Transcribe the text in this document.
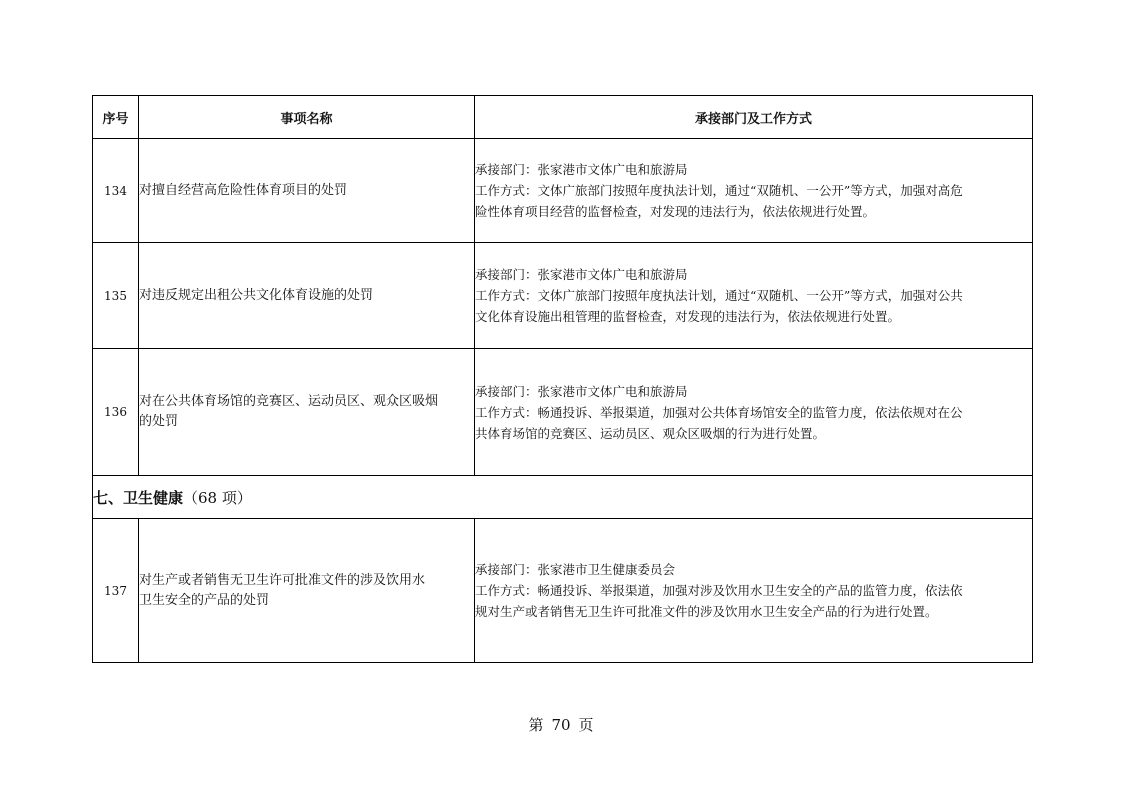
序号	事项名称	承接部门及工作方式
134	对擅自经营高危险性体育项目的处罚	承接部门：张家港市文体广电和旅游局
工作方式：文体广旅部门按照年度执法计划，通过“双随机、一公开”等方式，加强对高危
险性体育项目经营的监督检查，对发现的违法行为，依法依规进行处置。

135	对违反规定出租公共文化体育设施的处罚	承接部门：张家港市文体广电和旅游局
工作方式：文体广旅部门按照年度执法计划，通过“双随机、一公开”等方式，加强对公共
文化体育设施出租管理的监督检查，对发现的违法行为，依法依规进行处置。

136	对在公共体育场馆的竞赛区、运动员区、观众区吸烟
的处罚	承接部门：张家港市文体广电和旅游局
工作方式：畅通投诉、举报渠道，加强对公共体育场馆安全的监管力度，依法依规对在公
共体育场馆的竞赛区、运动员区、观众区吸烟的行为进行处置。

七、卫生健康（68 项）		
137	对生产或者销售无卫生许可批准文件的涉及饮用水
卫生安全的产品的处罚	承接部门：张家港市卫生健康委员会
工作方式：畅通投诉、举报渠道，加强对涉及饮用水卫生安全的产品的监管力度，依法依
规对生产或者销售无卫生许可批准文件的涉及饮用水卫生安全产品的行为进行处置。
第 70 页
